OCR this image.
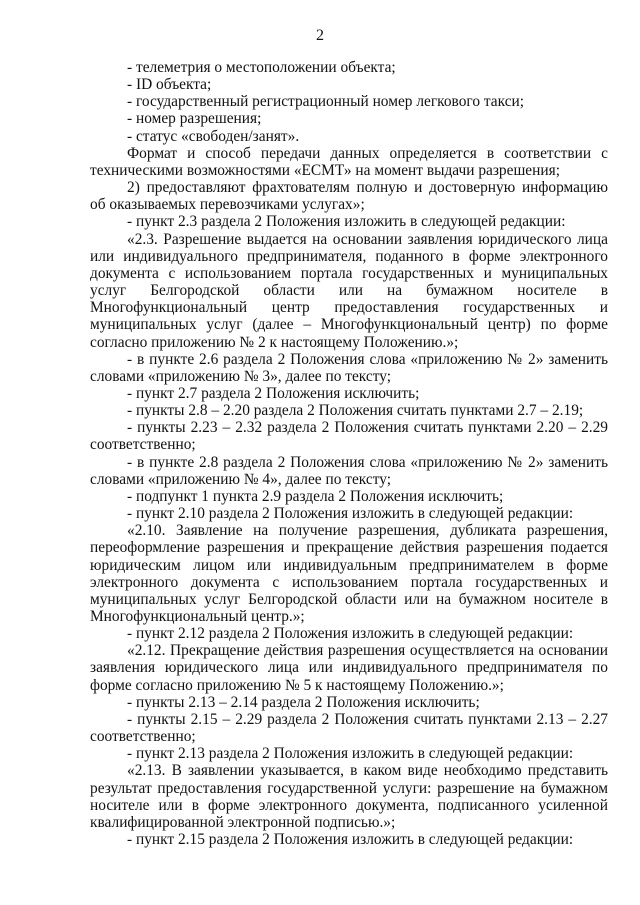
2

- телеметрия о местоположении объекта;

- ID объекта;

- государственный регистрационный номер легкового такси;

- номер разрешения;

- статус «свободен/занят».

Формат и способ передачи данных определяется в соответствии с техническими возможностями «ЕСМТ» на момент выдачи разрешения;

2) предоставляют фрахтователям полную и достоверную информацию об оказываемых перевозчиками услугах»;

- пункт 2.3 раздела 2 Положения изложить в следующей редакции:

«2.3. Разрешение выдается на основании заявления юридического лица или индивидуального предпринимателя, поданного в форме электронного документа с использованием портала государственных и муниципальных услуг Белгородской области или на бумажном носителе в Многофункциональный центр предоставления государственных и муниципальных услуг (далее – Многофункциональный центр) по форме согласно приложению № 2 к настоящему Положению.»;

- в пункте 2.6 раздела 2 Положения слова «приложению № 2» заменить словами «приложению № 3», далее по тексту;

- пункт 2.7 раздела 2 Положения исключить;

- пункты 2.8 – 2.20 раздела 2 Положения считать пунктами 2.7 – 2.19;

- пункты 2.23 – 2.32 раздела 2 Положения считать пунктами 2.20 – 2.29 соответственно;

- в пункте 2.8 раздела 2 Положения слова «приложению № 2» заменить словами «приложению № 4», далее по тексту;

- подпункт 1 пункта 2.9 раздела 2 Положения исключить;

- пункт 2.10 раздела 2 Положения изложить в следующей редакции:

«2.10. Заявление на получение разрешения, дубликата разрешения, переоформление разрешения и прекращение действия разрешения подается юридическим лицом или индивидуальным предпринимателем в форме электронного документа с использованием портала государственных и муниципальных услуг Белгородской области или на бумажном носителе в Многофункциональный центр.»;

- пункт 2.12 раздела 2 Положения изложить в следующей редакции:

«2.12. Прекращение действия разрешения осуществляется на основании заявления юридического лица или индивидуального предпринимателя по форме согласно приложению № 5 к настоящему Положению.»;

- пункты 2.13 – 2.14 раздела 2 Положения исключить;

- пункты 2.15 – 2.29 раздела 2 Положения считать пунктами 2.13 – 2.27 соответственно;

- пункт 2.13 раздела 2 Положения изложить в следующей редакции:

«2.13. В заявлении указывается, в каком виде необходимо представить результат предоставления государственной услуги: разрешение на бумажном носителе или в форме электронного документа, подписанного усиленной квалифицированной электронной подписью.»;

- пункт 2.15 раздела 2 Положения изложить в следующей редакции:
